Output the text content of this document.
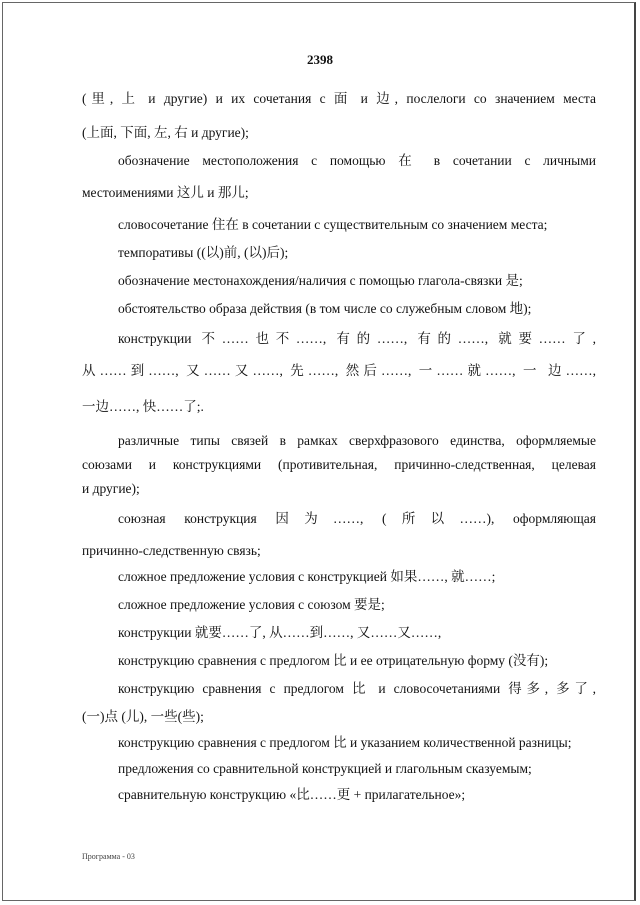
2398
(里, 上 и другие) и их сочетания с 面 и 边, послелоги со значением места
(上面, 下面, 左, 右 и другие);
обозначение местоположения с помощью 在 в сочетании с личными
местоимениями 这儿 и 那儿;
словосочетание 住在 в сочетании с существительным со значением места;
темпоративы ((以)前, (以)后);
обозначение местонахождения/наличия с помощью глагола-связки 是;
обстоятельство образа действия (в том числе со служебным словом 地);
конструкции 不……也不……, 有的……, 有的……, 就要……了,
从……到……, 又……又……, 先……, 然后……, 一……就……, 一 边……,
一边……, 快……了;.
различные типы связей в рамках сверхфразового единства, оформляемые
союзами и конструкциями (противительная, причинно-следственная, целевая
и другие);
союзная конструкция 因为……, (所以……), оформляющая
причинно-следственную связь;
сложное предложение условия с конструкцией 如果……, 就……;
сложное предложение условия с союзом 要是;
конструкции 就要……了, 从……到……, 又……又……,
конструкцию сравнения с предлогом 比 и ее отрицательную форму (没有);
конструкцию сравнения с предлогом 比 и словосочетаниями 得多, 多了,
(一)点 (儿), 一些(些);
конструкцию сравнения с предлогом 比 и указанием количественной разницы;
предложения со сравнительной конструкцией и глагольным сказуемым;
сравнительную конструкцию «比……更 + прилагательное»;
Программа - 03
